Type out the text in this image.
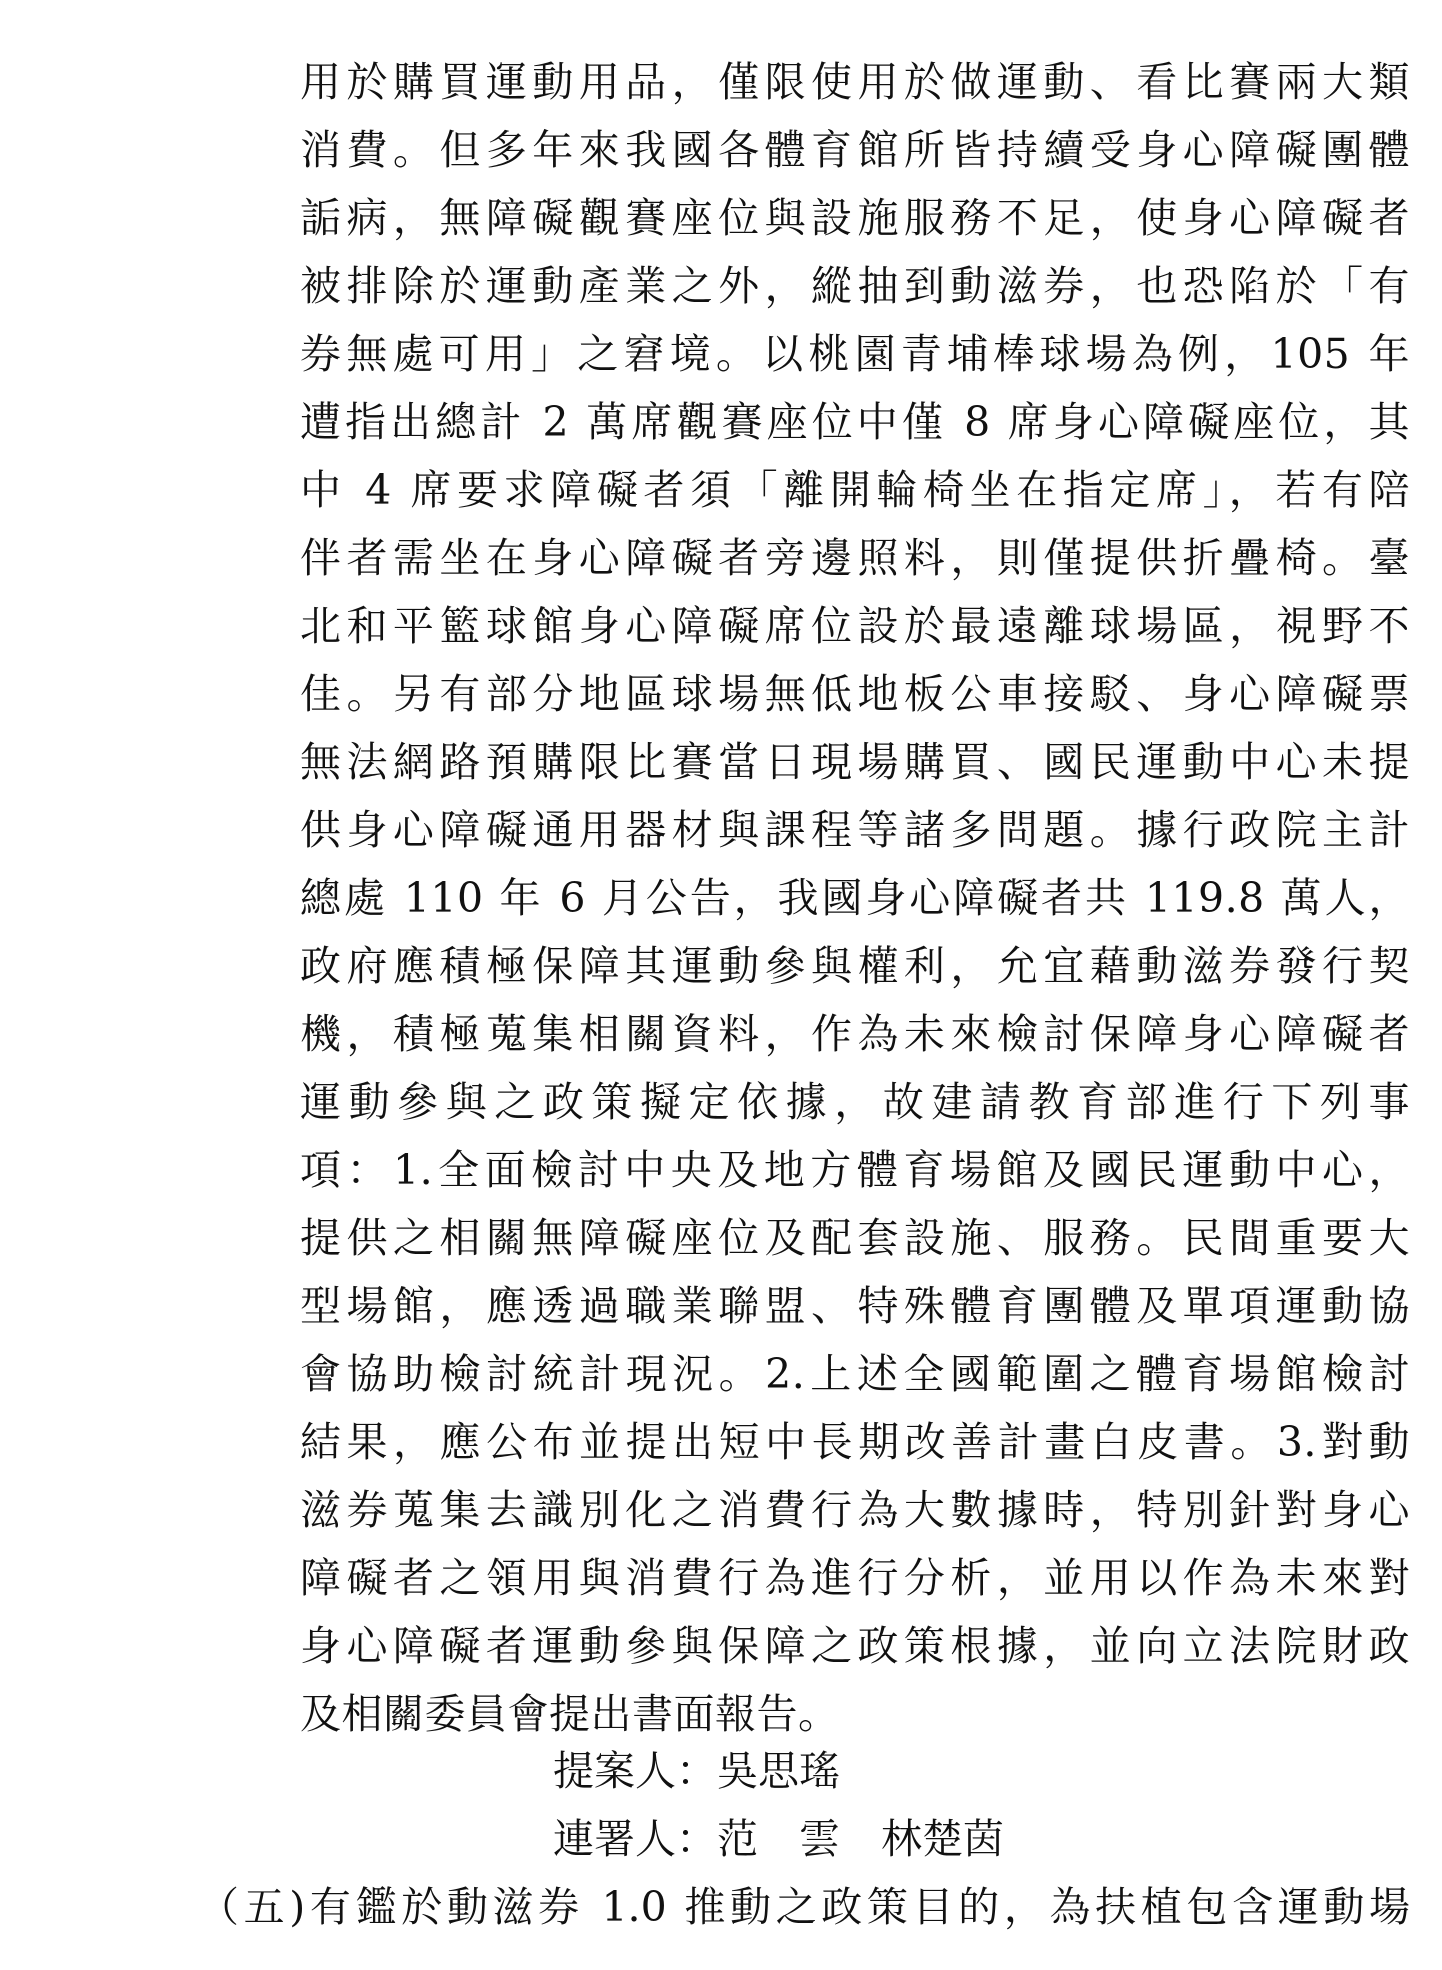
用於購買運動用品，僅限使用於做運動、看比賽兩大類
消費。但多年來我國各體育館所皆持續受身心障礙團體
詬病，無障礙觀賽座位與設施服務不足，使身心障礙者
被排除於運動產業之外，縱抽到動滋券，也恐陷於「有
券無處可用」之窘境。以桃園青埔棒球場為例，105 年
遭指出總計 2 萬席觀賽座位中僅 8 席身心障礙座位，其
中 4 席要求障礙者須「離開輪椅坐在指定席」，若有陪
伴者需坐在身心障礙者旁邊照料，則僅提供折疊椅。臺
北和平籃球館身心障礙席位設於最遠離球場區，視野不
佳。另有部分地區球場無低地板公車接駁、身心障礙票
無法網路預購限比賽當日現場購買、國民運動中心未提
供身心障礙通用器材與課程等諸多問題。據行政院主計
總處 110 年 6 月公告，我國身心障礙者共 119.8 萬人，
政府應積極保障其運動參與權利，允宜藉動滋券發行契
機，積極蒐集相關資料，作為未來檢討保障身心障礙者
運動參與之政策擬定依據，故建請教育部進行下列事
項：1.全面檢討中央及地方體育場館及國民運動中心，
提供之相關無障礙座位及配套設施、服務。民間重要大
型場館，應透過職業聯盟、特殊體育團體及單項運動協
會協助檢討統計現況。2.上述全國範圍之體育場館檢討
結果，應公布並提出短中長期改善計畫白皮書。3.對動
滋券蒐集去識別化之消費行為大數據時，特別針對身心
障礙者之領用與消費行為進行分析，並用以作為未來對
身心障礙者運動參與保障之政策根據，並向立法院財政
及相關委員會提出書面報告。
提案人：吳思瑤
連署人：范　雲　林楚茵
（五)有鑑於動滋券 1.0 推動之政策目的，為扶植包含運動場
